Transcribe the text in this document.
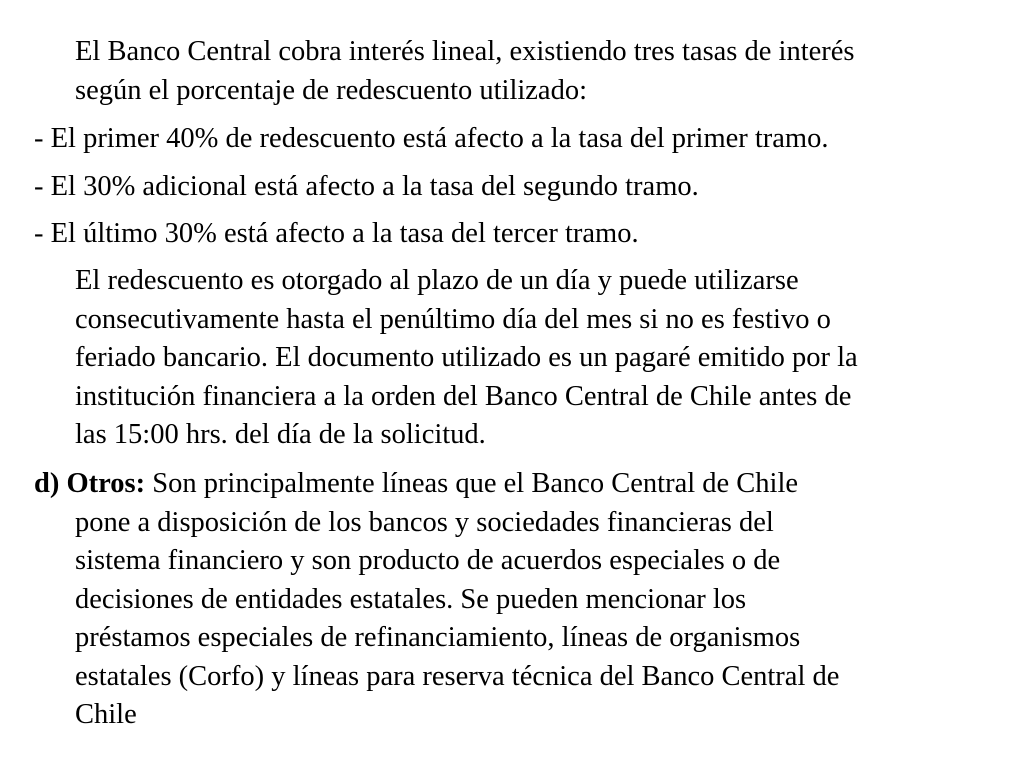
El Banco Central cobra interés lineal, existiendo tres tasas de interés
según el porcentaje de redescuento utilizado:
- El primer 40% de redescuento está afecto a la tasa del primer tramo.
- El 30% adicional está afecto a la tasa del segundo tramo.
- El último 30% está afecto a la tasa del tercer tramo.
El redescuento es otorgado al plazo de un día y puede utilizarse
consecutivamente hasta el penúltimo día del mes si no es festivo o
feriado bancario. El documento utilizado es un pagaré emitido por la
institución financiera a la orden del Banco Central de Chile antes de
las 15:00 hrs. del día de la solicitud.
d) Otros: Son principalmente líneas que el Banco Central de Chile
pone a disposición de los bancos y sociedades financieras del
sistema financiero y son producto de acuerdos especiales o de
decisiones de entidades estatales. Se pueden mencionar los
préstamos especiales de refinanciamiento, líneas de organismos
estatales (Corfo) y líneas para reserva técnica del Banco Central de
Chile
